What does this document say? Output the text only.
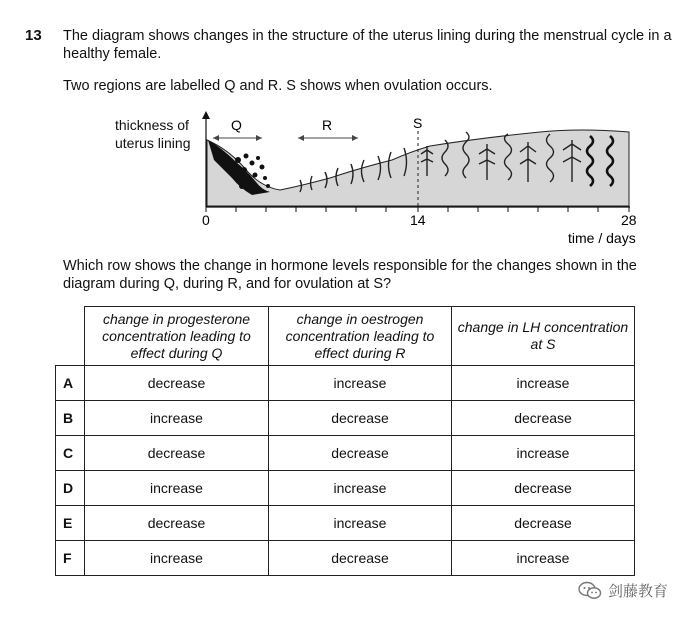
13 The diagram shows changes in the structure of the uterus lining during the menstrual cycle in a healthy female.
Two regions are labelled Q and R. S shows when ovulation occurs.
thickness of
uterus lining
Q	R	S
0	14	28
time / days
Which row shows the change in hormone levels responsible for the changes shown in the diagram during Q, during R, and for ovulation at S?
	change in progesterone concentration leading to effect during Q	change in oestrogen concentration leading to effect during R	change in LH concentration at S
A	decrease	increase	increase
B	increase	decrease	decrease
C	decrease	decrease	increase
D	increase	increase	decrease
E	decrease	increase	decrease
F	increase	decrease	increase
剑藤教育
